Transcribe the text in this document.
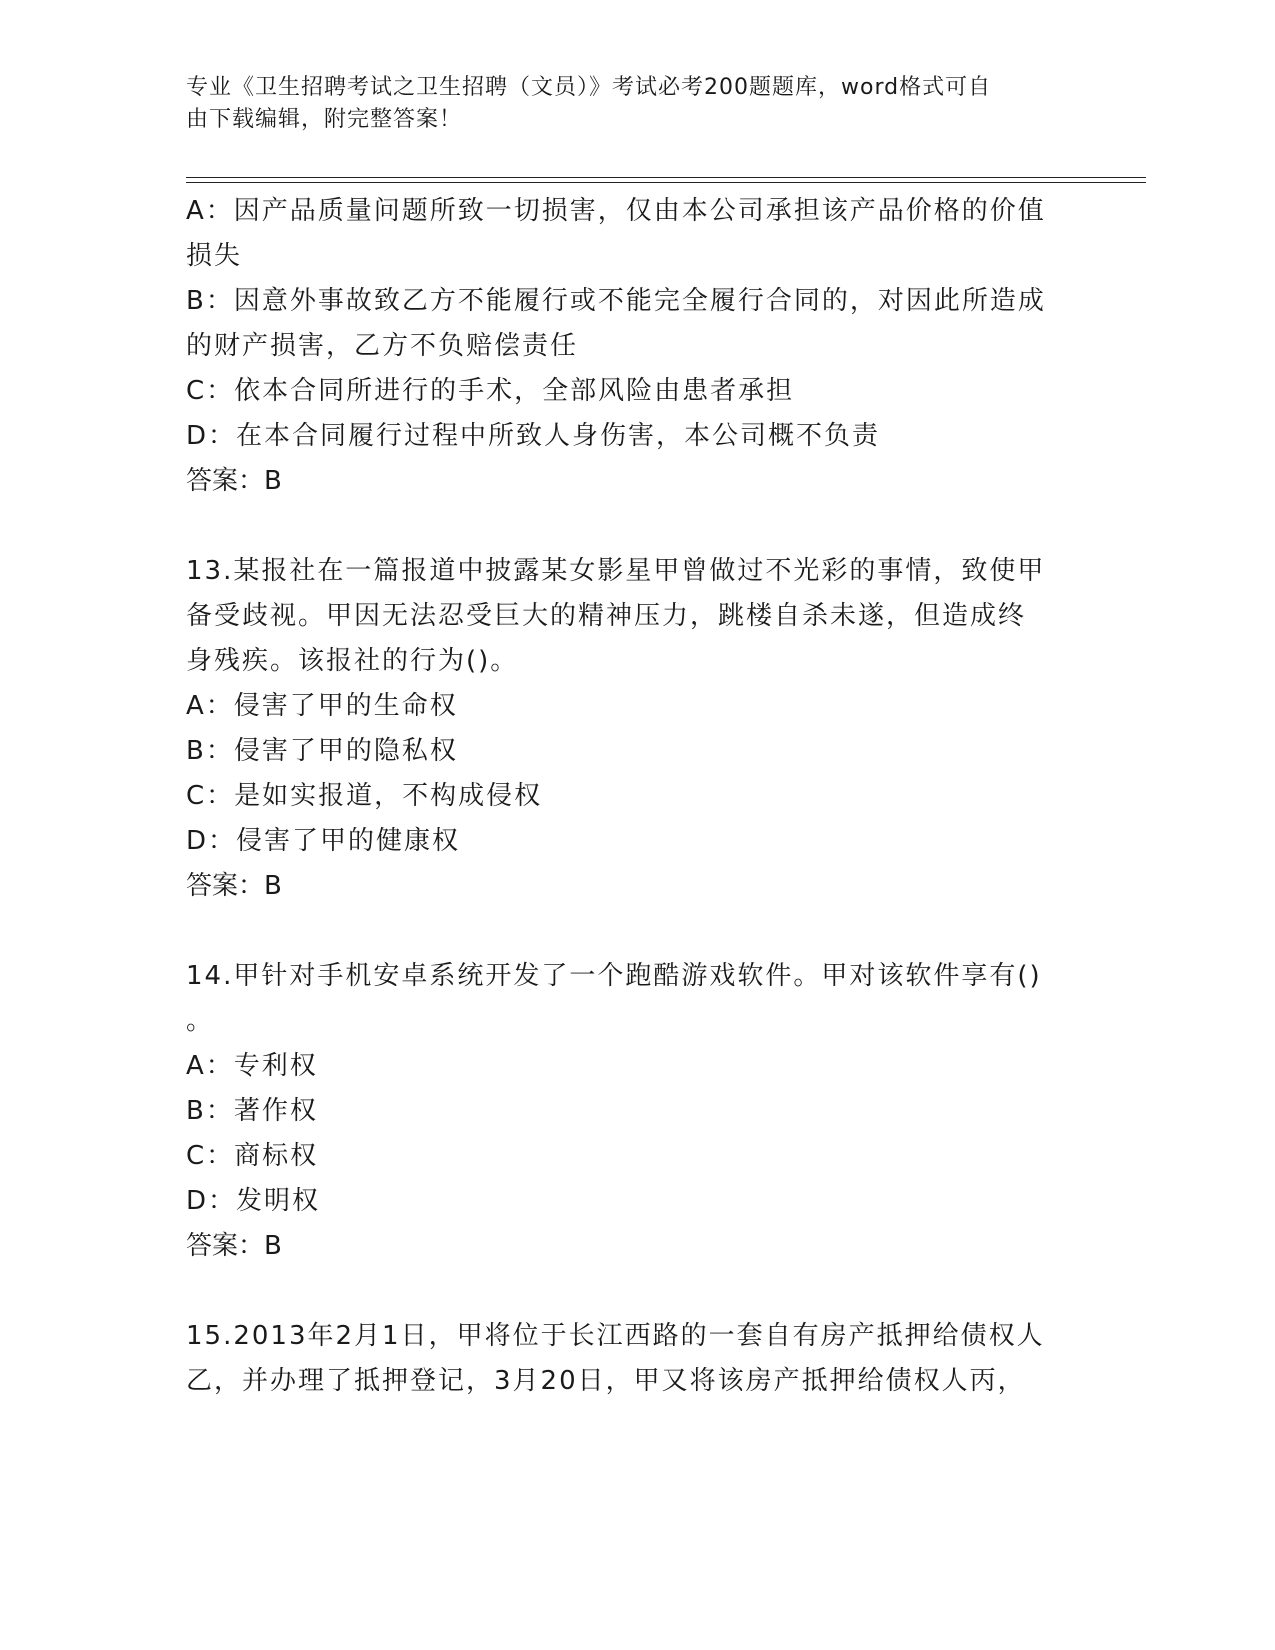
专业《卫生招聘考试之卫生招聘（文员）》考试必考200题题库，word格式可自
由下载编辑，附完整答案！
A：因产品质量问题所致一切损害，仅由本公司承担该产品价格的价值
损失
B：因意外事故致乙方不能履行或不能完全履行合同的，对因此所造成
的财产损害，乙方不负赔偿责任
C：依本合同所进行的手术，全部风险由患者承担
D：在本合同履行过程中所致人身伤害，本公司概不负责
答案：B
13.某报社在一篇报道中披露某女影星甲曾做过不光彩的事情，致使甲
备受歧视。甲因无法忍受巨大的精神压力，跳楼自杀未遂，但造成终
身残疾。该报社的行为()。
A：侵害了甲的生命权
B：侵害了甲的隐私权
C：是如实报道，不构成侵权
D：侵害了甲的健康权
答案：B
14.甲针对手机安卓系统开发了一个跑酷游戏软件。甲对该软件享有()
。
A：专利权
B：著作权
C：商标权
D：发明权
答案：B
15.2013年2月1日，甲将位于长江西路的一套自有房产抵押给债权人
乙，并办理了抵押登记，3月20日，甲又将该房产抵押给债权人丙，
